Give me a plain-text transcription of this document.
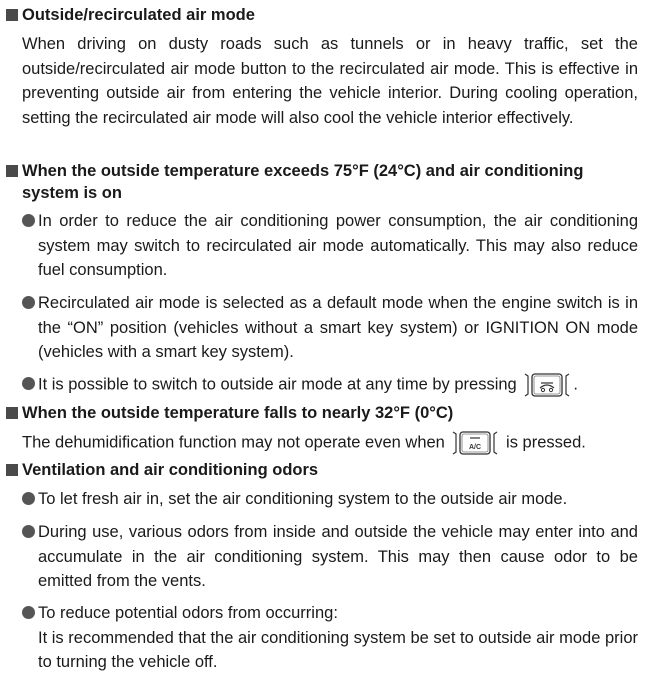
Outside/recirculated air mode
When driving on dusty roads such as tunnels or in heavy traffic, set the outside/recirculated air mode button to the recirculated air mode. This is effective in preventing outside air from entering the vehicle interior. During cooling operation, setting the recirculated air mode will also cool the vehicle interior effectively.
When the outside temperature exceeds 75°F (24°C) and air conditioning
system is on
In order to reduce the air conditioning power consumption, the air conditioning system may switch to recirculated air mode automatically. This may also reduce fuel consumption.
Recirculated air mode is selected as a default mode when the engine switch is in the “ON” position (vehicles without a smart key system) or IGNITION ON mode (vehicles with a smart key system).
It is possible to switch to outside air mode at any time by pressing	.
When the outside temperature falls to nearly 32°F (0°C)
The dehumidification function may not operate even when	A/C is pressed.
Ventilation and air conditioning odors
To let fresh air in, set the air conditioning system to the outside air mode.
During use, various odors from inside and outside the vehicle may enter into and accumulate in the air conditioning system. This may then cause odor to be emitted from the vents.
To reduce potential odors from occurring:
It is recommended that the air conditioning system be set to outside air mode prior to turning the vehicle off.
